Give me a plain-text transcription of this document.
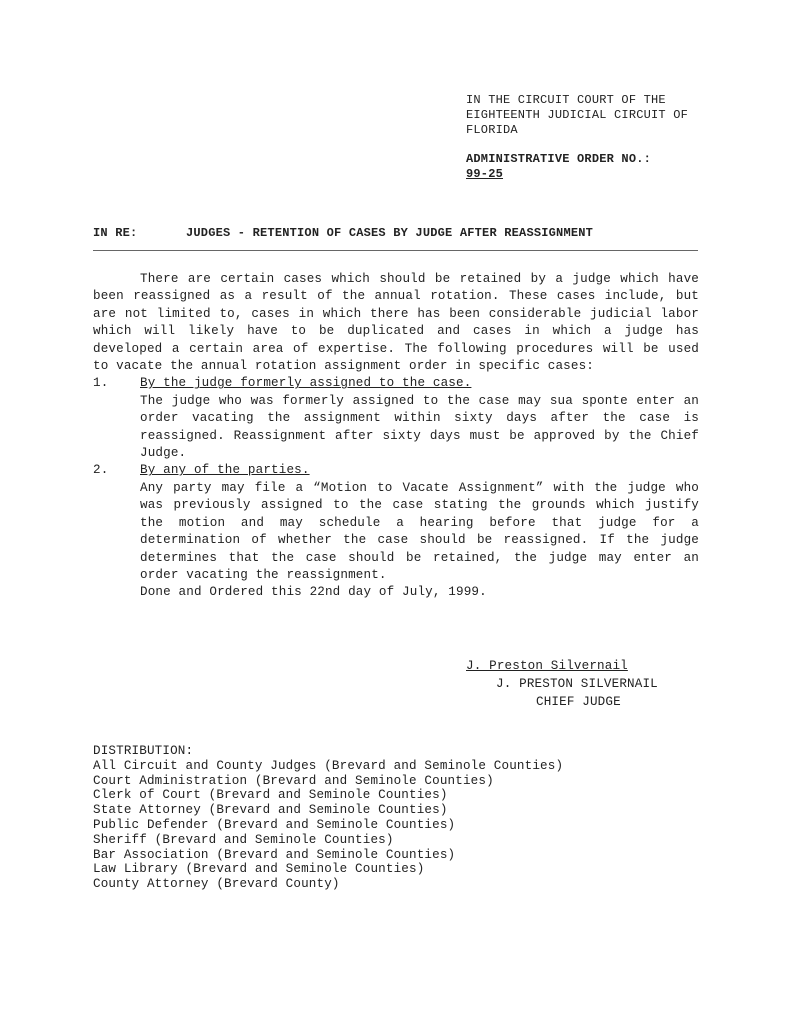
IN THE CIRCUIT COURT OF THE
EIGHTEENTH JUDICIAL CIRCUIT OF
FLORIDA
ADMINISTRATIVE ORDER NO.:
99-25
IN RE:	JUDGES - RETENTION OF CASES BY JUDGE AFTER REASSIGNMENT

There are certain cases which should be retained by a judge which have been reassigned as a result of the annual rotation. These cases include, but are not limited to, cases in which there has been considerable judicial labor which will likely have to be duplicated and cases in which a judge has developed a certain area of expertise. The following procedures will be used to vacate the annual rotation assignment order in specific cases:

1.	By the judge formerly assigned to the case.

The judge who was formerly assigned to the case may sua sponte enter an order vacating the assignment within sixty days after the case is reassigned. Reassignment after sixty days must be approved by the Chief Judge.

2.	By any of the parties.

Any party may file a “Motion to Vacate Assignment” with the judge who was previously assigned to the case stating the grounds which justify the motion and may schedule a hearing before that judge for a determination of whether the case should be reassigned. If the judge determines that the case should be retained, the judge may enter an order vacating the reassignment.

Done and Ordered this 22nd day of July, 1999.
J. Preston Silvernail
J. PRESTON SILVERNAIL
CHIEF JUDGE
DISTRIBUTION:
All Circuit and County Judges (Brevard and Seminole Counties)
Court Administration (Brevard and Seminole Counties)
Clerk of Court (Brevard and Seminole Counties)
State Attorney (Brevard and Seminole Counties)
Public Defender (Brevard and Seminole Counties)
Sheriff (Brevard and Seminole Counties)
Bar Association (Brevard and Seminole Counties)
Law Library (Brevard and Seminole Counties)
County Attorney (Brevard County)
